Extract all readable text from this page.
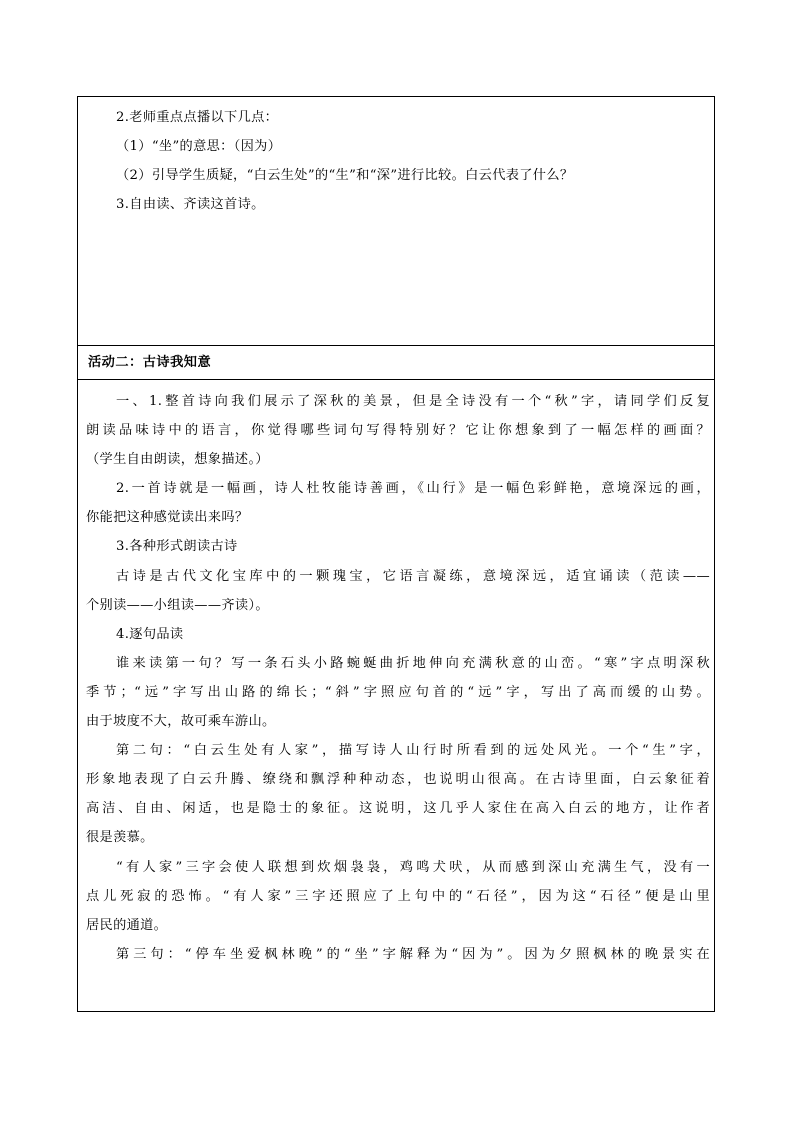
2.老师重点点播以下几点：
（1）“坐”的意思：（因为）
（2）引导学生质疑，“白云生处”的“生”和“深”进行比较。白云代表了什么？
3.自由读、齐读这首诗。
活动二：古诗我知意
一、1.整首诗向我们展示了深秋的美景，但是全诗没有一个“秋”字，请同学们反复
朗读品味诗中的语言，你觉得哪些词句写得特别好？它让你想象到了一幅怎样的画面？
（学生自由朗读，想象描述。）
2.一首诗就是一幅画，诗人杜牧能诗善画，《山行》是一幅色彩鲜艳，意境深远的画，
你能把这种感觉读出来吗？
3.各种形式朗读古诗
古诗是古代文化宝库中的一颗瑰宝，它语言凝练，意境深远，适宜诵读（范读——
个别读——小组读——齐读）。
4.逐句品读
谁来读第一句？写一条石头小路蜿蜒曲折地伸向充满秋意的山峦。“寒”字点明深秋
季节；“远”字写出山路的绵长；“斜”字照应句首的“远”字，写出了高而缓的山势。
由于坡度不大，故可乘车游山。
第二句：“白云生处有人家”，描写诗人山行时所看到的远处风光。一个“生”字，
形象地表现了白云升腾、缭绕和飘浮种种动态，也说明山很高。在古诗里面，白云象征着
高洁、自由、闲适，也是隐士的象征。这说明，这几乎人家住在高入白云的地方，让作者
很是羡慕。
“有人家”三字会使人联想到炊烟袅袅，鸡鸣犬吠，从而感到深山充满生气，没有一
点儿死寂的恐怖。“有人家”三字还照应了上句中的“石径”，因为这“石径”便是山里
居民的通道。
第三句：“停车坐爱枫林晚”的“坐”字解释为“因为”。因为夕照枫林的晚景实在
